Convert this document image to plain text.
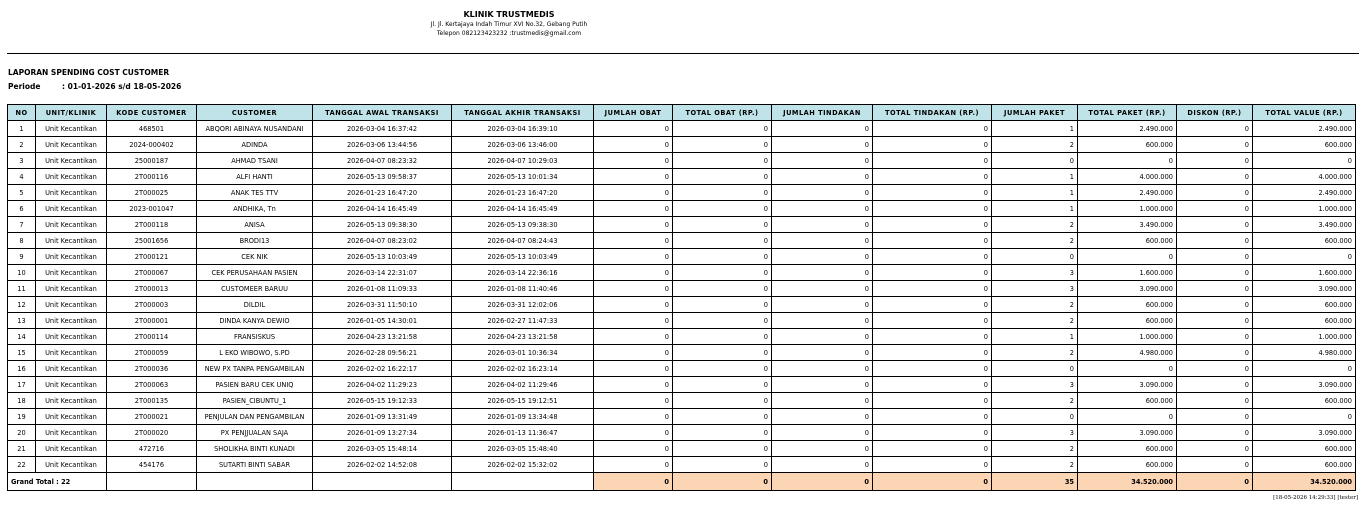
KLINIK TRUSTMEDIS
Jl. Jl. Kertajaya Indah Timur XVI No.32, Gebang Putih
Telepon 082123423232 :trustmedis@gmail.com
LAPORAN SPENDING COST CUSTOMER
Periode	: 01-01-2026 s/d 18-05-2026
NO	UNIT/KLINIK	KODE CUSTOMER	CUSTOMER	TANGGAL AWAL TRANSAKSI	TANGGAL AKHIR TRANSAKSI	JUMLAH OBAT	TOTAL OBAT (RP.)	JUMLAH TINDAKAN	TOTAL TINDAKAN (RP.)	JUMLAH PAKET	TOTAL PAKET (RP.)	DISKON (RP.)	TOTAL VALUE (RP.)
1	Unit Kecantikan	468501	ABQORI ABINAYA NUSANDANI	2026-03-04 16:37:42	2026-03-04 16:39:10	0	0	0	0	1	2.490.000	0	2.490.000
2	Unit Kecantikan	2024-000402	ADINDA	2026-03-06 13:44:56	2026-03-06 13:46:00	0	0	0	0	2	600.000	0	600.000
3	Unit Kecantikan	25000187	AHMAD TSANI	2026-04-07 08:23:32	2026-04-07 10:29:03	0	0	0	0	0	0	0	0
4	Unit Kecantikan	2T000116	ALFI HANTI	2026-05-13 09:58:37	2026-05-13 10:01:34	0	0	0	0	1	4.000.000	0	4.000.000
5	Unit Kecantikan	2T000025	ANAK TES TTV	2026-01-23 16:47:20	2026-01-23 16:47:20	0	0	0	0	1	2.490.000	0	2.490.000
6	Unit Kecantikan	2023-001047	ANDHIKA, Tn	2026-04-14 16:45:49	2026-04-14 16:45:49	0	0	0	0	1	1.000.000	0	1.000.000
7	Unit Kecantikan	2T000118	ANISA	2026-05-13 09:38:30	2026-05-13 09:38:30	0	0	0	0	2	3.490.000	0	3.490.000
8	Unit Kecantikan	25001656	BRODI13	2026-04-07 08:23:02	2026-04-07 08:24:43	0	0	0	0	2	600.000	0	600.000
9	Unit Kecantikan	2T000121	CEK NIK	2026-05-13 10:03:49	2026-05-13 10:03:49	0	0	0	0	0	0	0	0
10	Unit Kecantikan	2T000067	CEK PERUSAHAAN PASIEN	2026-03-14 22:31:07	2026-03-14 22:36:16	0	0	0	0	3	1.600.000	0	1.600.000
11	Unit Kecantikan	2T000013	CUSTOMEER BARUU	2026-01-08 11:09:33	2026-01-08 11:40:46	0	0	0	0	3	3.090.000	0	3.090.000
12	Unit Kecantikan	2T000003	DILDIL	2026-03-31 11:50:10	2026-03-31 12:02:06	0	0	0	0	2	600.000	0	600.000
13	Unit Kecantikan	2T000001	DINDA KANYA DEWIO	2026-01-05 14:30:01	2026-02-27 11:47:33	0	0	0	0	2	600.000	0	600.000
14	Unit Kecantikan	2T000114	FRANSISKUS	2026-04-23 13:21:58	2026-04-23 13:21:58	0	0	0	0	1	1.000.000	0	1.000.000
15	Unit Kecantikan	2T000059	L EKO WIBOWO, S.PD	2026-02-28 09:56:21	2026-03-01 10:36:34	0	0	0	0	2	4.980.000	0	4.980.000
16	Unit Kecantikan	2T000036	NEW PX TANPA PENGAMBILAN	2026-02-02 16:22:17	2026-02-02 16:23:14	0	0	0	0	0	0	0	0
17	Unit Kecantikan	2T000063	PASIEN BARU CEK UNIQ	2026-04-02 11:29:23	2026-04-02 11:29:46	0	0	0	0	3	3.090.000	0	3.090.000
18	Unit Kecantikan	2T000135	PASIEN_CIBUNTU_1	2026-05-15 19:12:33	2026-05-15 19:12:51	0	0	0	0	2	600.000	0	600.000
19	Unit Kecantikan	2T000021	PENJULAN DAN PENGAMBILAN	2026-01-09 13:31:49	2026-01-09 13:34:48	0	0	0	0	0	0	0	0
20	Unit Kecantikan	2T000020	PX PENJJUALAN SAJA	2026-01-09 13:27:34	2026-01-13 11:36:47	0	0	0	0	3	3.090.000	0	3.090.000
21	Unit Kecantikan	472716	SHOLIKHA BINTI KUNADI	2026-03-05 15:48:14	2026-03-05 15:48:40	0	0	0	0	2	600.000	0	600.000
22	Unit Kecantikan	454176	SUTARTI BINTI SABAR	2026-02-02 14:52:08	2026-02-02 15:32:02	0	0	0	0	2	600.000	0	600.000
Grand Total : 22						0	0	0	0	35	34.520.000	0	34.520.000
[18-05-2026 14:29:33] [tester]
